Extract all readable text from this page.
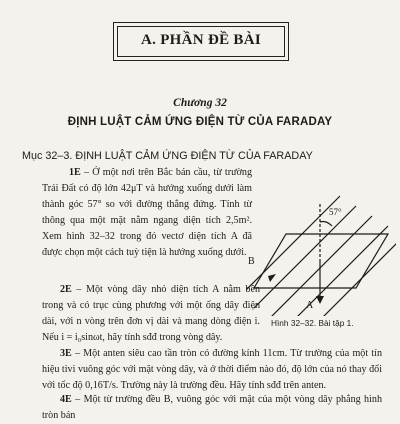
A. PHẦN ĐỀ BÀI
Chương 32
ĐỊNH LUẬT CẢM ỨNG ĐIỆN TỪ CỦA FARADAY
Mục 32–3. ĐỊNH LUẬT CẢM ỨNG ĐIỆN TỪ CỦA FARADAY
1E – Ở một nơi trên Bắc bán cầu, từ trường Trái Đất có độ lớn 42μT và hướng xuống dưới làm thành góc 57° so với đường thẳng đứng. Tính từ thông qua một mặt nằm ngang diện tích 2,5m². Xem hình 32–32 trong đó vectơ diện tích A đã được chọn một cách tuỳ tiện là hướng xuống dưới.
2E – Một vòng dây nhỏ diện tích A nằm bên trong và có trục cùng phương với một ống dây điện dài, với n vòng trên đơn vị dài và mang dòng điện i. Nếu i = i₀sinωt, hãy tính sđđ trong vòng dây.
3E – Một anten siêu cao tần tròn có đường kính 11cm. Từ trường của một tín hiệu tivi vuông góc với mặt vòng dây, và ở thời điểm nào đó, độ lớn của nó thay đổi với tốc độ 0,16T/s. Trường này là trường đều. Hãy tính sđđ trên anten.
4E – Một từ trường đều B, vuông góc với mặt của một vòng dây phẳng hình tròn bán
57°
B
A
Hình 32–32. Bài tập 1.
